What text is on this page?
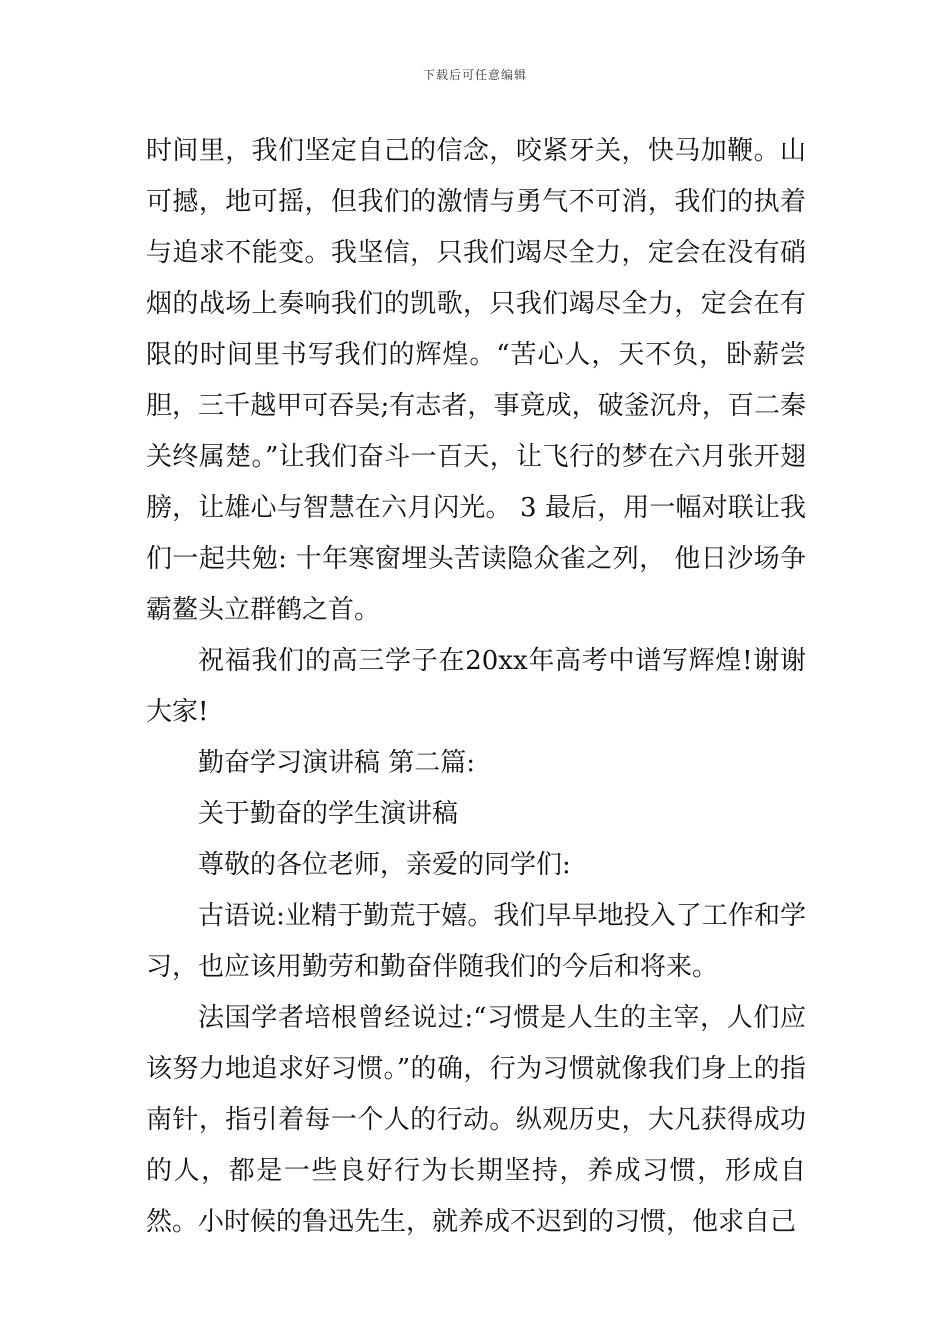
下载后可任意编辑

时间里，我们坚定自己的信念，咬紧牙关，快马加鞭。山可撼，地可摇，但我们的激情与勇气不可消，我们的执着与追求不能变。我坚信，只我们竭尽全力，定会在没有硝烟的战场上奏响我们的凯歌，只我们竭尽全力，定会在有限的时间里书写我们的辉煌。“苦心人，天不负，卧薪尝胆，三千越甲可吞吴;有志者，事竟成，破釜沉舟，百二秦关终属楚。”让我们奋斗一百天，让飞行的梦在六月张开翅膀，让雄心与智慧在六月闪光。 3 最后，用一幅对联让我们一起共勉: 十年寒窗埋头苦读隐众雀之列， 他日沙场争霸鳌头立群鹤之首。

祝福我们的高三学子在20xx年高考中谱写辉煌!谢谢大家!

勤奋学习演讲稿 第二篇:

关于勤奋的学生演讲稿

尊敬的各位老师，亲爱的同学们:

古语说:业精于勤荒于嬉。我们早早地投入了工作和学习，也应该用勤劳和勤奋伴随我们的今后和将来。

法国学者培根曾经说过:“习惯是人生的主宰，人们应该努力地追求好习惯。”的确，行为习惯就像我们身上的指南针，指引着每一个人的行动。纵观历史，大凡获得成功的人，都是一些良好行为长期坚持，养成习惯，形成自然。小时候的鲁迅先生，就养成不迟到的习惯，他求自己
